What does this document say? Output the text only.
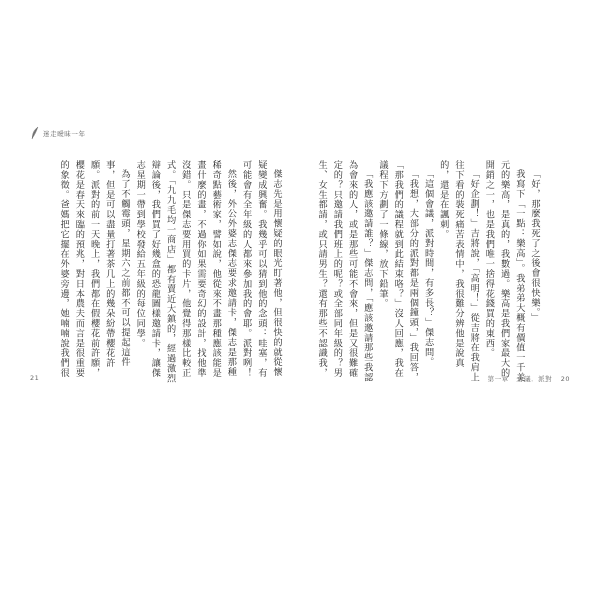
迷走曖昧一年

傑志先是用懷疑的眼光盯著他，但很快的就從懷疑變成興奮。我幾乎可以猜到他的念頭：哇塞，有可能會有全年級的人都來參加我的會耶。派對咧！

然後，外公外婆志傑志要求邀請卡，傑志是那種稀奇點藝術家，譬如說，他從來不畫那種應該能是畫什麼的畫，不過你如果需要奇幻的設計，找他準沒錯。只是傑志要用買的卡片，他覺得那樣比較正式。「九九毛均一商店」都有賣近大鎮的，經過激烈辯論後，我們買了好幾盒的恐龍圖樣邀請卡，讓傑志星期一帶到學校發給五年級的每位同學。

為了不觸霉頭，星期六之前都不可以提起這件事，但是可以盡量打著茶几上的幾朵紛帶櫻花許願。派對的前一天晚上，我們都在假櫻花前許願，櫻花是春天來臨的預兆，對日本農夫而言是很重要的象徵。爸媽把它擺在外婆旁邊，她喃喃說我們很

21

「好，那麼我死了之後會很快樂。」

我寫下「一點：樂高」。我弟弟大概有價值一千美元的樂高，是真的，我數過。樂高是我們家最大的開銷之一，也是我們唯一捨得花錢買的東西。

「好企劃！」吉將說，「高明！」從吉將在我肩上往下看的裝死痛苦表情中，我很難分辨他是說真的，還是在諷刺。

「這個會議，派對時間，有多長？」傑志問。

「我想，大部分的派對都是兩個鐘頭，」我回答，「那我們的議程就到此結束咯？」沒人回應，我在議程下方劃了一條線，放下鉛筆。

「我應該邀請誰？」傑志問，「應該邀請那些我認為會來的人，或是那些可能不會來，但是又很難確定的？只邀請我們班上的呢？或全部同年級的？男生、女生都請，或只請男生？還有那些不認識我，

第一章 會議．派對 20
